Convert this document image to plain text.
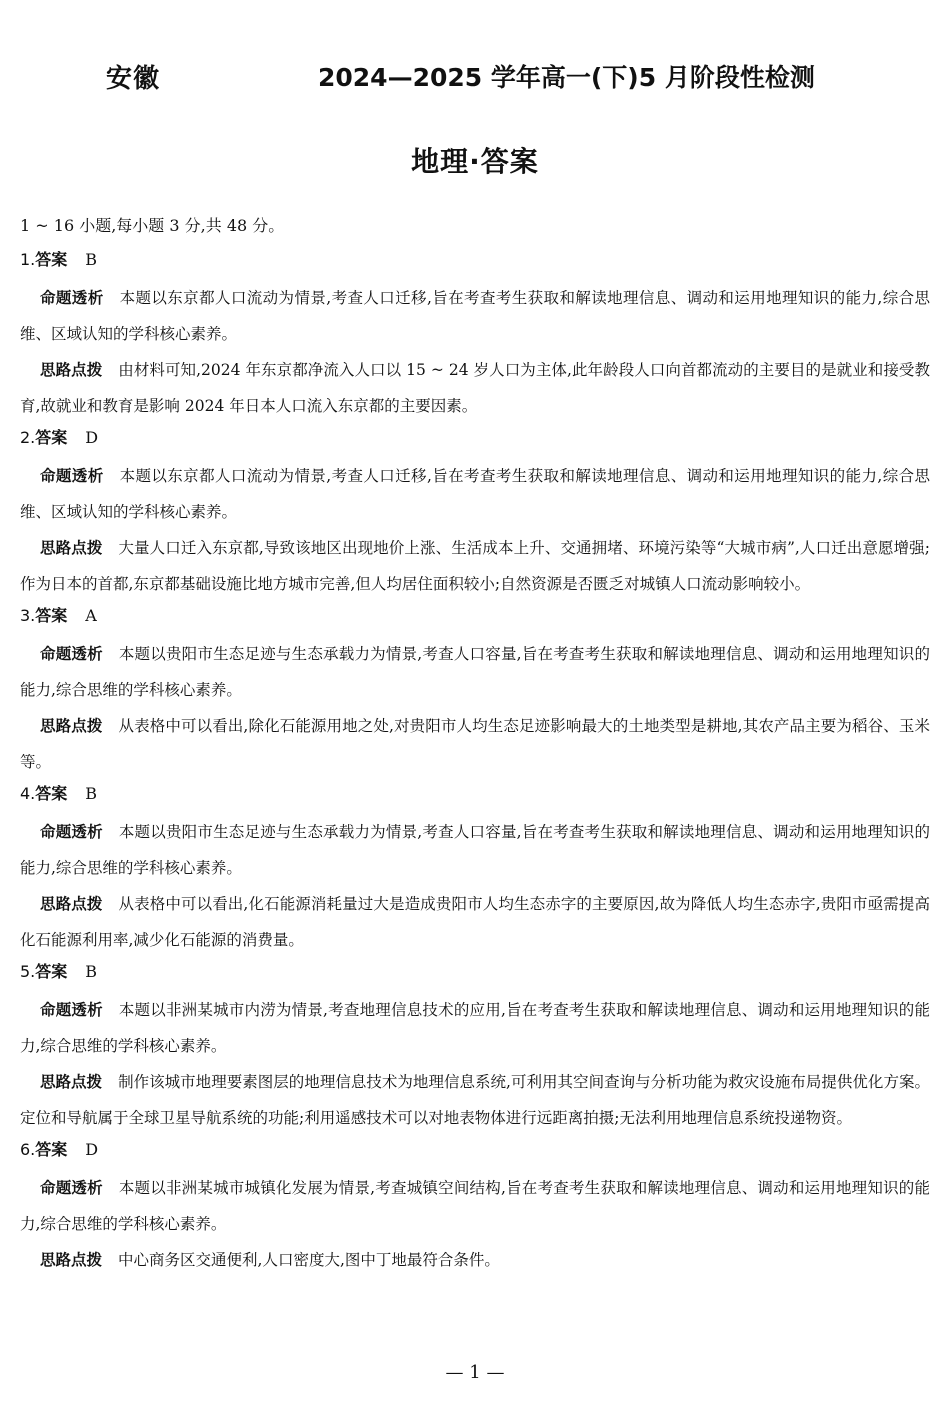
安徽	2024—2025 学年高一(下)5 月阶段性检测
地理·答案
1 ~ 16 小题,每小题 3 分,共 48 分。
1.答案 B
命题透析 本题以东京都人口流动为情景,考查人口迁移,旨在考查考生获取和解读地理信息、调动和运用地理知识的能力,综合思维、区域认知的学科核心素养。
思路点拨 由材料可知,2024 年东京都净流入人口以 15 ~ 24 岁人口为主体,此年龄段人口向首都流动的主要目的是就业和接受教育,故就业和教育是影响 2024 年日本人口流入东京都的主要因素。
2.答案 D
命题透析 本题以东京都人口流动为情景,考查人口迁移,旨在考查考生获取和解读地理信息、调动和运用地理知识的能力,综合思维、区域认知的学科核心素养。
思路点拨 大量人口迁入东京都,导致该地区出现地价上涨、生活成本上升、交通拥堵、环境污染等“大城市病”,人口迁出意愿增强;作为日本的首都,东京都基础设施比地方城市完善,但人均居住面积较小;自然资源是否匮乏对城镇人口流动影响较小。
3.答案 A
命题透析 本题以贵阳市生态足迹与生态承载力为情景,考查人口容量,旨在考查考生获取和解读地理信息、调动和运用地理知识的能力,综合思维的学科核心素养。
思路点拨 从表格中可以看出,除化石能源用地之处,对贵阳市人均生态足迹影响最大的土地类型是耕地,其农产品主要为稻谷、玉米等。
4.答案 B
命题透析 本题以贵阳市生态足迹与生态承载力为情景,考查人口容量,旨在考查考生获取和解读地理信息、调动和运用地理知识的能力,综合思维的学科核心素养。
思路点拨 从表格中可以看出,化石能源消耗量过大是造成贵阳市人均生态赤字的主要原因,故为降低人均生态赤字,贵阳市亟需提高化石能源利用率,减少化石能源的消费量。
5.答案 B
命题透析 本题以非洲某城市内涝为情景,考查地理信息技术的应用,旨在考查考生获取和解读地理信息、调动和运用地理知识的能力,综合思维的学科核心素养。
思路点拨 制作该城市地理要素图层的地理信息技术为地理信息系统,可利用其空间查询与分析功能为救灾设施布局提供优化方案。定位和导航属于全球卫星导航系统的功能;利用遥感技术可以对地表物体进行远距离拍摄;无法利用地理信息系统投递物资。
6.答案 D
命题透析 本题以非洲某城市城镇化发展为情景,考查城镇空间结构,旨在考查考生获取和解读地理信息、调动和运用地理知识的能力,综合思维的学科核心素养。
思路点拨 中心商务区交通便利,人口密度大,图中丁地最符合条件。
— 1 —
